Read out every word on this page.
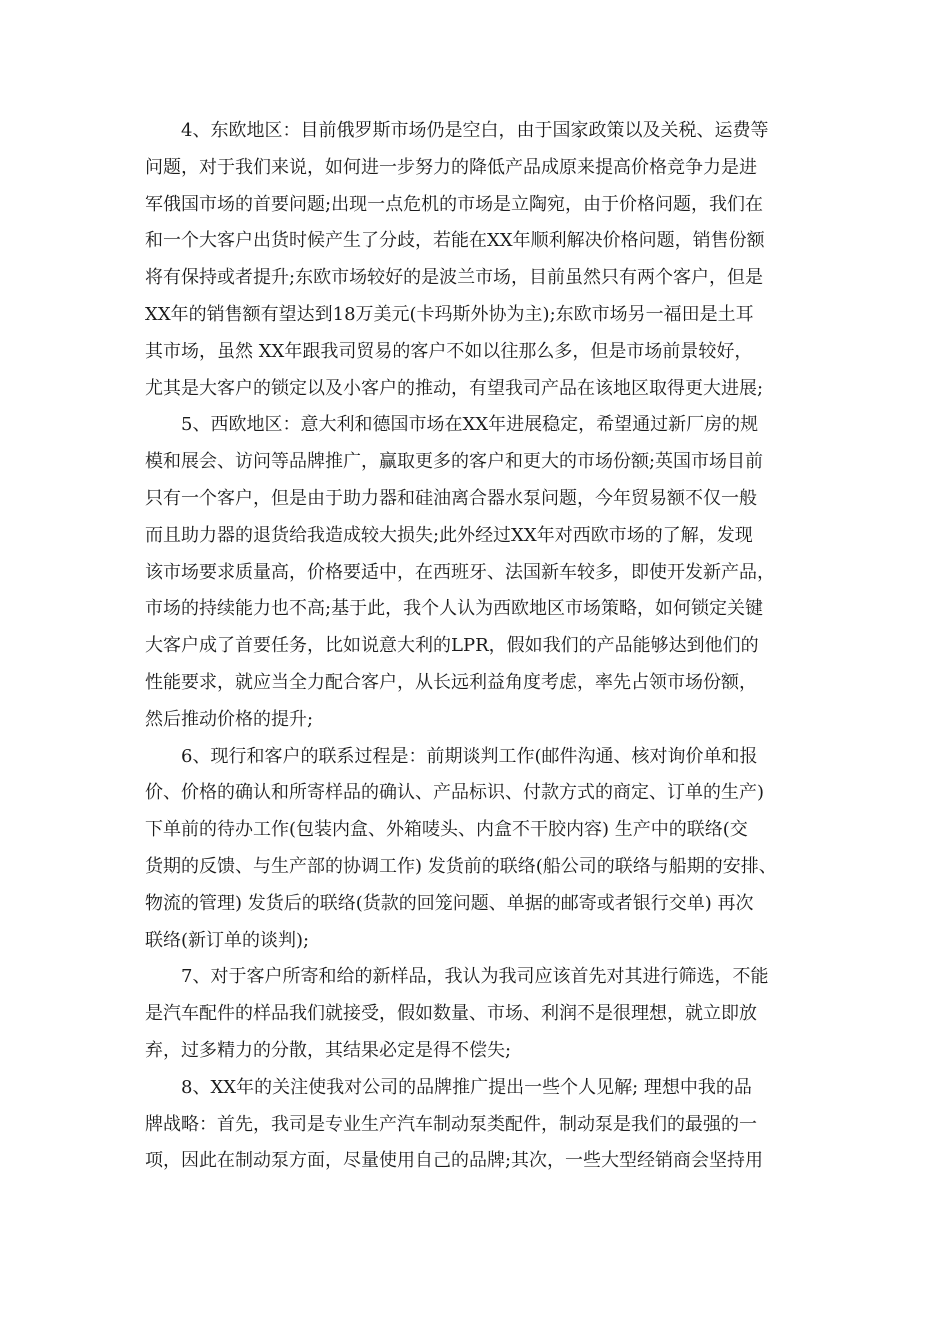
4、东欧地区：目前俄罗斯市场仍是空白，由于国家政策以及关税、运费等
问题，对于我们来说，如何进一步努力的降低产品成原来提高价格竞争力是进
军俄国市场的首要问题;出现一点危机的市场是立陶宛，由于价格问题，我们在
和一个大客户出货时候产生了分歧，若能在XX年顺利解决价格问题，销售份额
将有保持或者提升;东欧市场较好的是波兰市场，目前虽然只有两个客户，但是
XX年的销售额有望达到18万美元(卡玛斯外协为主);东欧市场另一福田是土耳
其市场，虽然 XX年跟我司贸易的客户不如以往那么多，但是市场前景较好，
尤其是大客户的锁定以及小客户的推动，有望我司产品在该地区取得更大进展;
5、西欧地区：意大利和德国市场在XX年进展稳定，希望通过新厂房的规
模和展会、访问等品牌推广，赢取更多的客户和更大的市场份额;英国市场目前
只有一个客户，但是由于助力器和硅油离合器水泵问题，今年贸易额不仅一般
而且助力器的退货给我造成较大损失;此外经过XX年对西欧市场的了解，发现
该市场要求质量高，价格要适中，在西班牙、法国新车较多，即使开发新产品，
市场的持续能力也不高;基于此，我个人认为西欧地区市场策略，如何锁定关键
大客户成了首要任务，比如说意大利的LPR，假如我们的产品能够达到他们的
性能要求，就应当全力配合客户，从长远利益角度考虑，率先占领市场份额，
然后推动价格的提升;
6、现行和客户的联系过程是：前期谈判工作(邮件沟通、核对询价单和报
价、价格的确认和所寄样品的确认、产品标识、付款方式的商定、订单的生产)
下单前的待办工作(包装内盒、外箱唛头、内盒不干胶内容) 生产中的联络(交
货期的反馈、与生产部的协调工作) 发货前的联络(船公司的联络与船期的安排、
物流的管理) 发货后的联络(货款的回笼问题、单据的邮寄或者银行交单) 再次
联络(新订单的谈判);
7、对于客户所寄和给的新样品，我认为我司应该首先对其进行筛选，不能
是汽车配件的样品我们就接受，假如数量、市场、利润不是很理想，就立即放
弃，过多精力的分散，其结果必定是得不偿失;
8、XX年的关注使我对公司的品牌推广提出一些个人见解; 理想中我的品
牌战略：首先，我司是专业生产汽车制动泵类配件，制动泵是我们的最强的一
项，因此在制动泵方面，尽量使用自己的品牌;其次，一些大型经销商会坚持用
